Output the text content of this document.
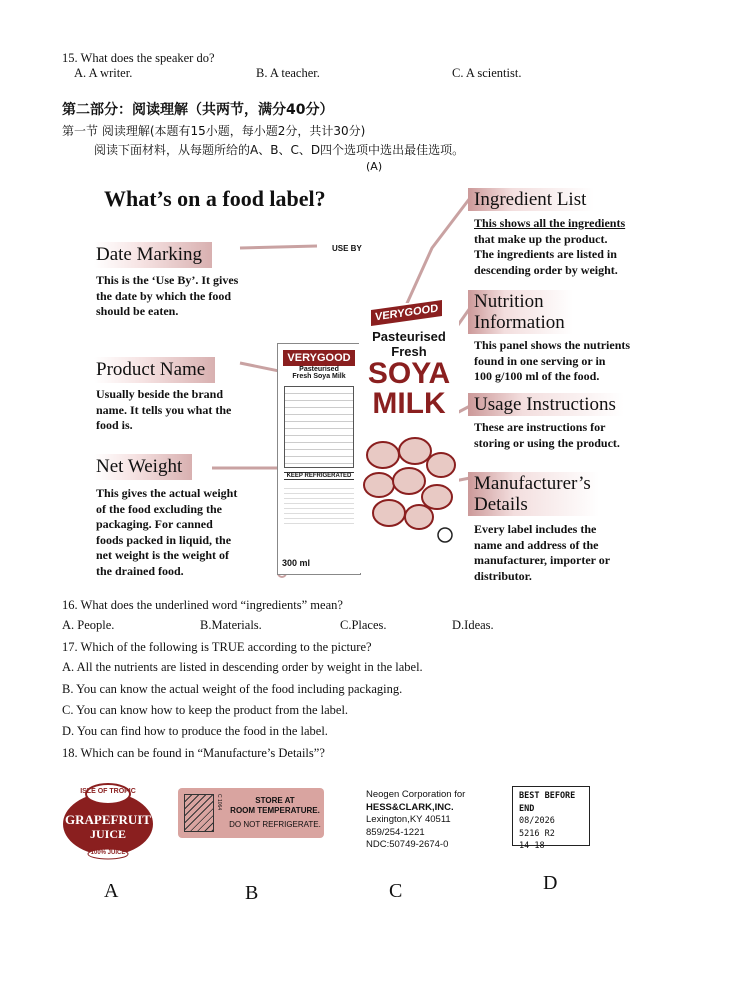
15. What does the speaker do?
A. A writer.	B. A teacher.	C. A scientist.
第二部分：阅读理解（共两节，满分40分）
第一节 阅读理解(本题有15小题，每小题2分，共计30分)
阅读下面材料，从每题所给的A、B、C、D四个选项中选出最佳选项。
(A)
What’s on a food label?
Date Marking
This is the ‘Use By’. It gives
the date by which the food
should be eaten.
Product Name
Usually beside the brand
name. It tells you what the
food is.
Net Weight
This gives the actual weight
of the food excluding the
packaging. For canned
foods packed in liquid, the
net weight is the weight of
the drained food.
USE BY
VERYGOOD
Pasteurised
Fresh Soya Milk
KEEP REFRIGERATED
300 ml
VERYGOOD
Pasteurised
Fresh
SOYA
MILK
Ingredient List
This shows all the ingredients
that make up the product.
The ingredients are listed in
descending order by weight.
Nutrition
Information
This panel shows the nutrients
found in one serving or in
100 g/100 ml of the food.
Usage Instructions
These are instructions for
storing or using the product.
Manufacturer’s
Details
Every label includes the
name and address of the
manufacturer, importer or
distributor.
16. What does the underlined word “ingredients” mean?
A. People.	B.Materials.	C.Places.	D.Ideas.
17. Which of the following is TRUE according to the picture?
A. All the nutrients are listed in descending order by weight in the label.
B. You can know the actual weight of the food including packaging.
C. You can know how to keep the product from the label.
D. You can find how to produce the food in the label.
18. Which can be found in “Manufacture’s Details”?
ISLE OF TROPIC
GRAPEFRUIT
JUICE
100% JUICE
C 1064	STORE AT
ROOM TEMPERATURE.
DO NOT REFRIGERATE.
Neogen Corporation for
HESS&CLARK,INC.
Lexington,KY 40511
859/254-1221
NDC:50749-2674-0
BEST BEFORE END
08/2026
5216 R2
14 18
A	B	C	D
